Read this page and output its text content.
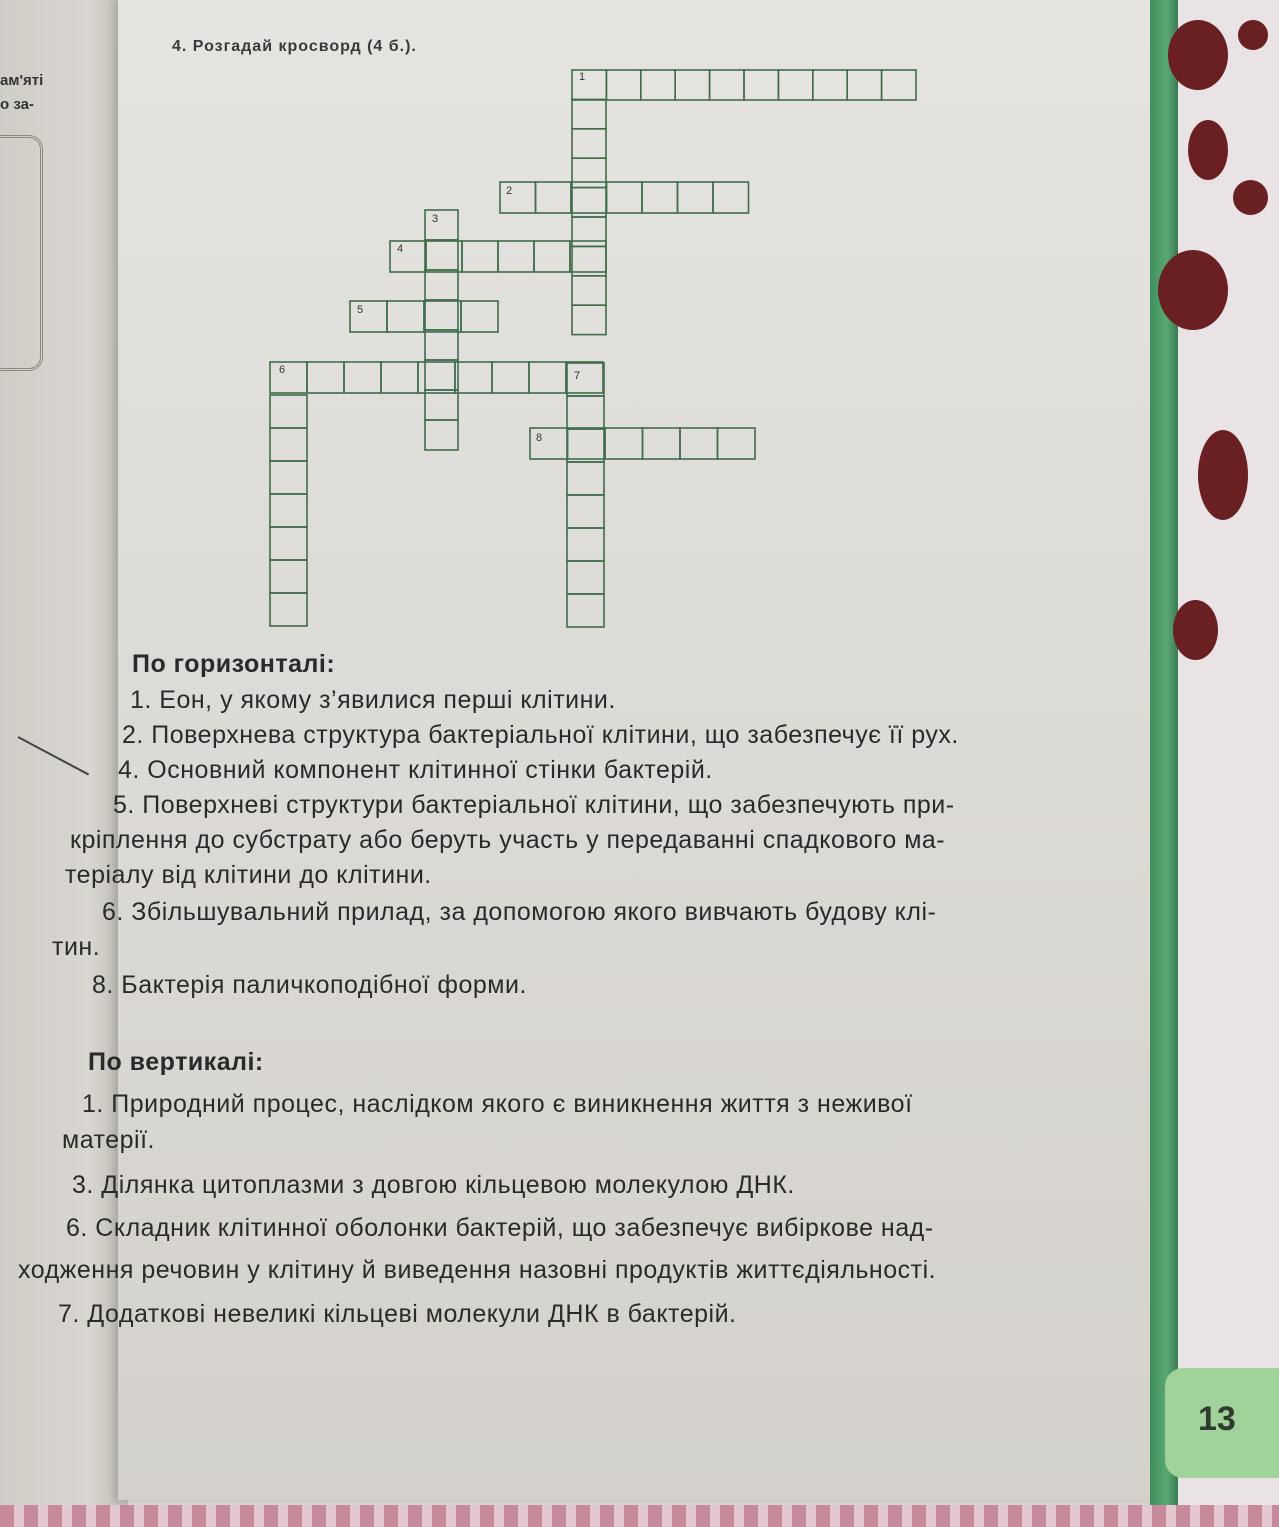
ам'яті
о за-
4. Розгадай кросворд (4 б.).
1
2
3
4
5
6	7
8
По горизонталі:
1. Еон, у якому з’явилися перші клітини.
2. Поверхнева структура бактеріальної клітини, що забезпечує її рух.
4. Основний компонент клітинної стінки бактерій.
5. Поверхневі структури бактеріальної клітини, що забезпечують при-
кріплення до субстрату або беруть участь у передаванні спадкового ма-
теріалу від клітини до клітини.
6. Збільшувальний прилад, за допомогою якого вивчають будову клі-
тин.
8. Бактерія паличкоподібної форми.
По вертикалі:
1. Природний процес, наслідком якого є виникнення життя з неживої
матерії.
3. Ділянка цитоплазми з довгою кільцевою молекулою ДНК.
6. Складник клітинної оболонки бактерій, що забезпечує вибіркове над-
ходження речовин у клітину й виведення назовні продуктів життєдіяльності.
7. Додаткові невеликі кільцеві молекули ДНК в бактерій.
13
